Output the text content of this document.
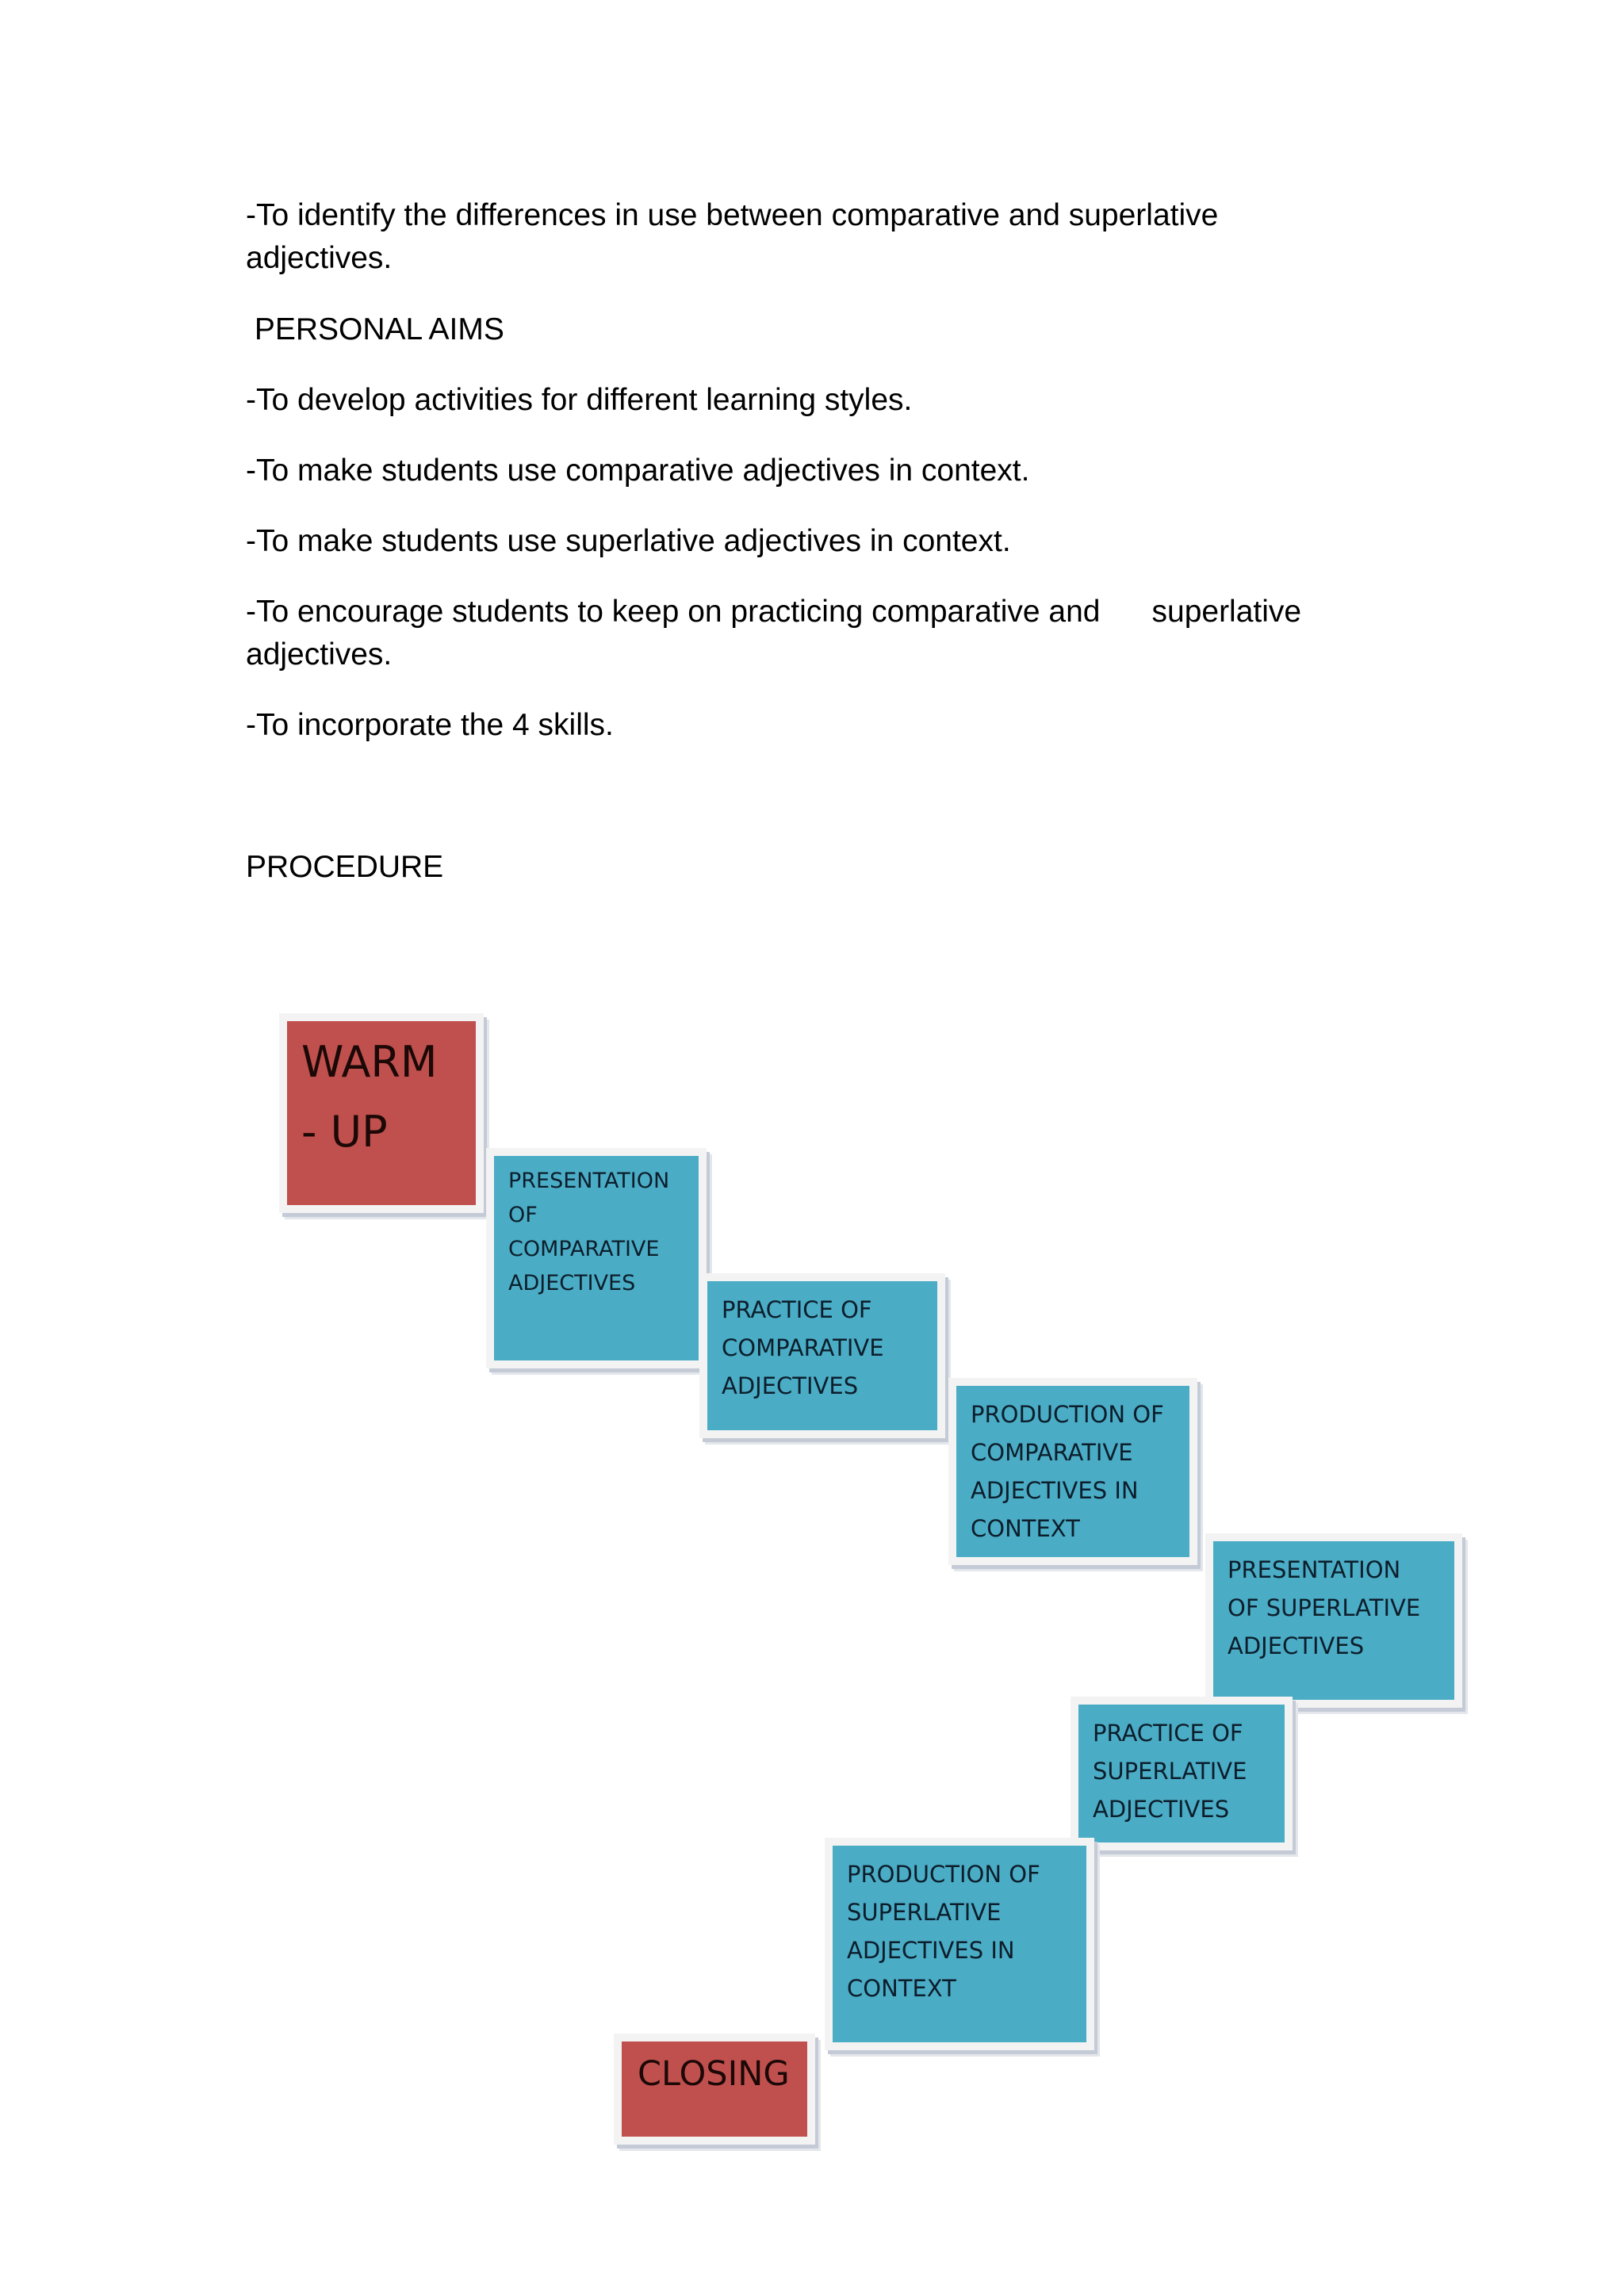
-To identify the differences in use between comparative and superlative
adjectives.
PERSONAL AIMS
-To develop activities for different learning styles.
-To make students use comparative adjectives in context.
-To make students use superlative adjectives in context.
-To encourage students to keep on practicing comparative and      superlative
adjectives.
-To incorporate the 4 skills.
PROCEDURE
WARM
- UP
PRESENTATION
OF
COMPARATIVE
ADJECTIVES
PRACTICE OF
COMPARATIVE
ADJECTIVES
PRODUCTION OF
COMPARATIVE
ADJECTIVES IN
CONTEXT
PRESENTATION
OF SUPERLATIVE
ADJECTIVES
PRACTICE OF
SUPERLATIVE
ADJECTIVES
PRODUCTION OF
SUPERLATIVE
ADJECTIVES IN
CONTEXT
CLOSING
